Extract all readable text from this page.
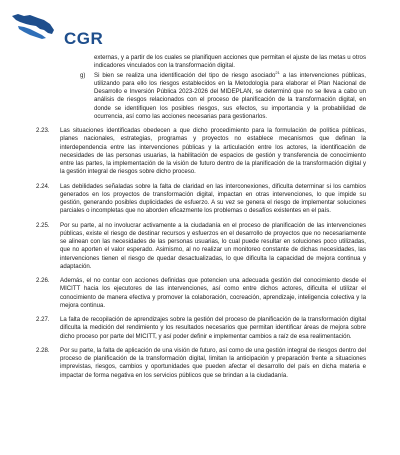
CGR
externas, y a partir de los cuales se planifiquen acciones que permitan el ajuste de las metas u otros indicadores vinculados con la transformación digital.
g)	Si bien se realiza una identificación del tipo de riesgo asociado$^{21}$ a las intervenciones públicas, utilizando para ello los riesgos establecidos en la Metodología para elaborar el Plan Nacional de Desarrollo e Inversión Pública 2023-2026 del MIDEPLAN, se determinó que no se lleva a cabo un análisis de riesgos relacionados con el proceso de planificación de la transformación digital, en donde se identifiquen los posibles riesgos, sus efectos, su importancia y la probabilidad de ocurrencia, así como las acciones necesarias para gestionarlos.
2.23.	Las situaciones identificadas obedecen a que dicho procedimiento para la formulación de política públicas, planes nacionales, estrategias, programas y proyectos no establece mecanismos que definan la interdependencia entre las intervenciones públicas y la articulación entre los actores, la identificación de necesidades de las personas usuarias, la habilitación de espacios de gestión y transferencia de conocimiento entre las partes, la implementación de la visión de futuro dentro de la planificación de la transformación digital y la gestión integral de riesgos sobre dicho proceso.
2.24.	Las debilidades señaladas sobre la falta de claridad en las interconexiones, dificulta determinar si los cambios generados en los proyectos de transformación digital, impactan en otras intervenciones, lo que impide su gestión, generando posibles duplicidades de esfuerzo. A su vez se genera el riesgo de implementar soluciones parciales o incompletas que no aborden eficazmente los problemas o desafíos existentes en el país.
2.25.	Por su parte, al no involucrar activamente a la ciudadanía en el proceso de planificación de las intervenciones públicas, existe el riesgo de destinar recursos y esfuerzos en el desarrollo de proyectos que no necesariamente se alinean con las necesidades de las personas usuarias, lo cual puede resultar en soluciones poco utilizadas, que no aporten el valor esperado. Asimismo, al no realizar un monitoreo constante de dichas necesidades, las intervenciones tienen el riesgo de quedar desactualizadas, lo que dificulta la capacidad de mejora continua y adaptación.
2.26.	Además, el no contar con acciones definidas que potencien una adecuada gestión del conocimiento desde el MICITT hacia los ejecutores de las intervenciones, así como entre dichos actores, dificulta el utilizar el conocimiento de manera efectiva y promover la colaboración, cocreación, aprendizaje, inteligencia colectiva y la mejora continua.
2.27.	La falta de recopilación de aprendizajes sobre la gestión del proceso de planificación de la transformación digital dificulta la medición del rendimiento y los resultados necesarios que permitan identificar áreas de mejora sobre dicho proceso por parte del MICITT, y así poder definir e implementar cambios a raíz de esa realimentación.
2.28.	Por su parte, la falta de aplicación de una visión de futuro, así como de una gestión integral de riesgos dentro del proceso de planificación de la transformación digital, limitan la anticipación y preparación frente a situaciones imprevistas, riesgos, cambios y oportunidades que pueden afectar el desarrollo del país en dicha materia e impactar de forma negativa en los servicios públicos que se brindan a la ciudadanía.
